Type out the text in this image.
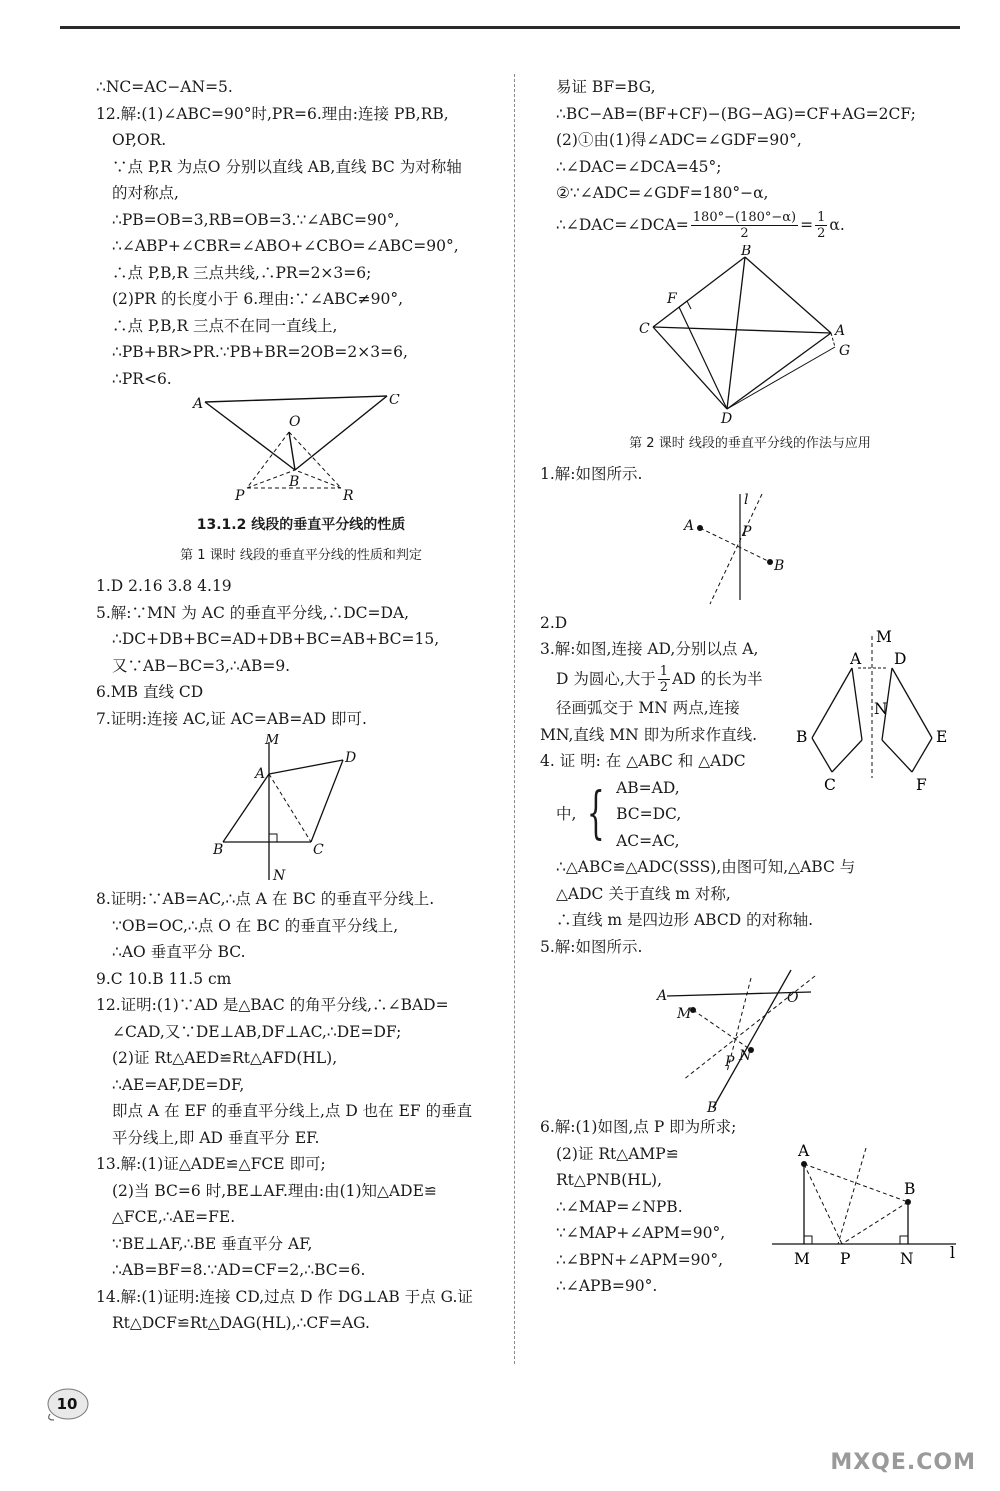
∴NC=AC−AN=5.
12.解:(1)∠ABC=90°时,PR=6.理由:连接 PB,RB,
OP,OR.
∵点 P,R 为点O 分别以直线 AB,直线 BC 为对称轴
的对称点,
∴PB=OB=3,RB=OB=3.∵∠ABC=90°,
∴∠ABP+∠CBR=∠ABO+∠CBO=∠ABC=90°,
∴点 P,B,R 三点共线,∴PR=2×3=6;
(2)PR 的长度小于 6.理由:∵∠ABC≠90°,
∴点 P,B,R 三点不在同一直线上,
∴PB+BR>PR.∵PB+BR=2OB=2×3=6,
∴PR<6.
A	C
O
B
P	R
13.1.2 线段的垂直平分线的性质
第 1 课时 线段的垂直平分线的性质和判定
1.D 2.16 3.8 4.19
5.解:∵MN 为 AC 的垂直平分线,∴DC=DA,
∴DC+DB+BC=AD+DB+BC=AB+BC=15,
又∵AB−BC=3,∴AB=9.
6.MB 直线 CD
7.证明:连接 AC,证 AC=AB=AD 即可.
M
A
D
B	C
N
8.证明:∵AB=AC,∴点 A 在 BC 的垂直平分线上.
∵OB=OC,∴点 O 在 BC 的垂直平分线上,
∴AO 垂直平分 BC.
9.C 10.B 11.5 cm
12.证明:(1)∵AD 是△BAC 的角平分线,∴∠BAD=
∠CAD,又∵DE⊥AB,DF⊥AC,∴DE=DF;
(2)证 Rt△AED≌Rt△AFD(HL),
∴AE=AF,DE=DF,
即点 A 在 EF 的垂直平分线上,点 D 也在 EF 的垂直
平分线上,即 AD 垂直平分 EF.
13.解:(1)证△ADE≌△FCE 即可;
(2)当 BC=6 时,BE⊥AF.理由:由(1)知△ADE≌
△FCE,∴AE=FE.
∵BE⊥AF,∴BE 垂直平分 AF,
∴AB=BF=8.∵AD=CF=2,∴BC=6.
14.解:(1)证明:连接 CD,过点 D 作 DG⊥AB 于点 G.证
Rt△DCF≌Rt△DAG(HL),∴CF=AG.
易证 BF=BG,
∴BC−AB=(BF+CF)−(BG−AG)=CF+AG=2CF;
(2)①由(1)得∠ADC=∠GDF=90°,
∴∠DAC=∠DCA=45°;
②∵∠ADC=∠GDF=180°−α,
∴∠DAC=∠DCA= $\frac{180^\circ-(180^\circ-\alpha)}{2} = \frac{1}{2} \alpha$.
B
C
F
A
G
D
第 2 课时 线段的垂直平分线的作法与应用
1.解:如图所示.
A
B
P
l
2.D
3.解:如图,连接 AD,分别以点 A,
D 为圆心,大于 $\frac{1}{2}$ AD 的长为半
径画弧交于 MN 两点,连接
MN,直线 MN 即为所求作直线.
M
A D
N
B	E
C	F
4. 证 明: 在 △ABC 和 △ADC
中, { AB=AD,
BC=DC,
AC=AC,
∴△ABC≌△ADC(SSS),由图可知,△ABC 与
△ADC 关于直线 m 对称,
∴直线 m 是四边形 ABCD 的对称轴.
5.解:如图所示.
A
M
O
P N
B
6.解:(1)如图,点 P 即为所求;
(2)证 Rt△AMP≌
Rt△PNB(HL),
∴∠MAP=∠NPB.
∵∠MAP+∠APM=90°,
∴∠BPN+∠APM=90°,
∴∠APB=90°.
A
B
M P	N l
10
MXQE.COM
